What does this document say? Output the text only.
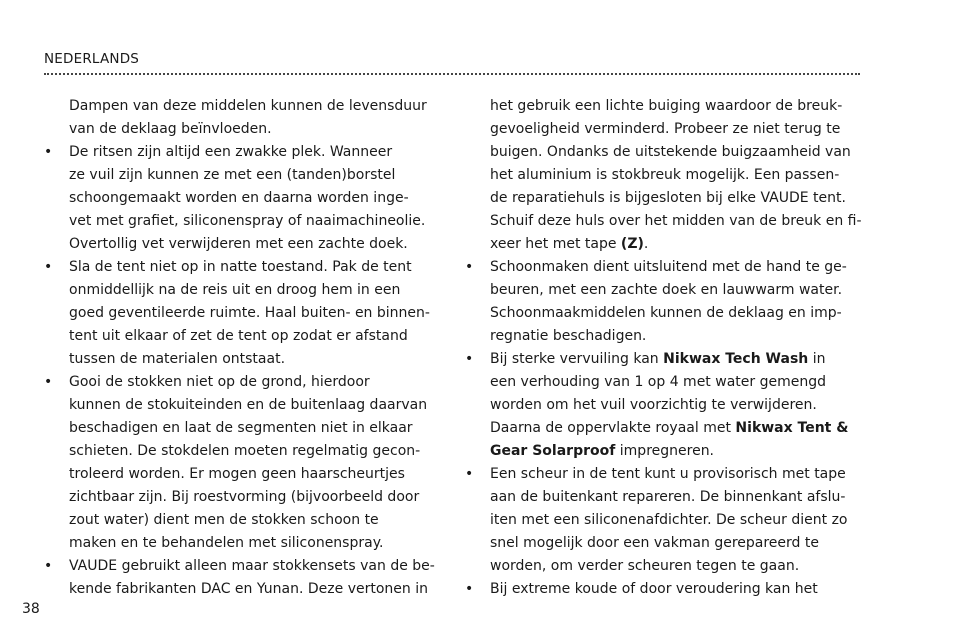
NEDERLANDS
Dampen van deze middelen kunnen de levensduur
van de deklaag beïnvloeden.
• De ritsen zijn altijd een zwakke plek. Wanneer
ze vuil zijn kunnen ze met een (tanden)borstel
schoongemaakt worden en daarna worden inge-
vet met grafiet, siliconenspray of naaimachineolie.
Overtollig vet verwijderen met een zachte doek.
• Sla de tent niet op in natte toestand. Pak de tent
onmiddellijk na de reis uit en droog hem in een
goed geventileerde ruimte. Haal buiten- en binnen-
tent uit elkaar of zet de tent op zodat er afstand
tussen de materialen ontstaat.
• Gooi de stokken niet op de grond, hierdoor
kunnen de stokuiteinden en de buitenlaag daarvan
beschadigen en laat de segmenten niet in elkaar
schieten. De stokdelen moeten regelmatig gecon-
troleerd worden. Er mogen geen haarscheurtjes
zichtbaar zijn. Bij roestvorming (bijvoorbeeld door
zout water) dient men de stokken schoon te
maken en te behandelen met siliconenspray.
• VAUDE gebruikt alleen maar stokkensets van de be-
kende fabrikanten DAC en Yunan. Deze vertonen in
het gebruik een lichte buiging waardoor de breuk-
gevoeligheid verminderd. Probeer ze niet terug te
buigen. Ondanks de uitstekende buigzaamheid van
het aluminium is stokbreuk mogelijk. Een passen-
de reparatiehuls is bijgesloten bij elke VAUDE tent.
Schuif deze huls over het midden van de breuk en fi-
xeer het met tape (Z).
• Schoonmaken dient uitsluitend met de hand te ge-
beuren, met een zachte doek en lauwwarm water.
Schoonmaakmiddelen kunnen de deklaag en imp-
regnatie beschadigen.
• Bij sterke vervuiling kan Nikwax Tech Wash in
een verhouding van 1 op 4 met water gemengd
worden om het vuil voorzichtig te verwijderen.
Daarna de oppervlakte royaal met Nikwax Tent &
Gear Solarproof impregneren.
• Een scheur in de tent kunt u provisorisch met tape
aan de buitenkant repareren. De binnenkant afslu-
iten met een siliconenafdichter. De scheur dient zo
snel mogelijk door een vakman gerepareerd te
worden, om verder scheuren tegen te gaan.
• Bij extreme koude of door veroudering kan het
38
